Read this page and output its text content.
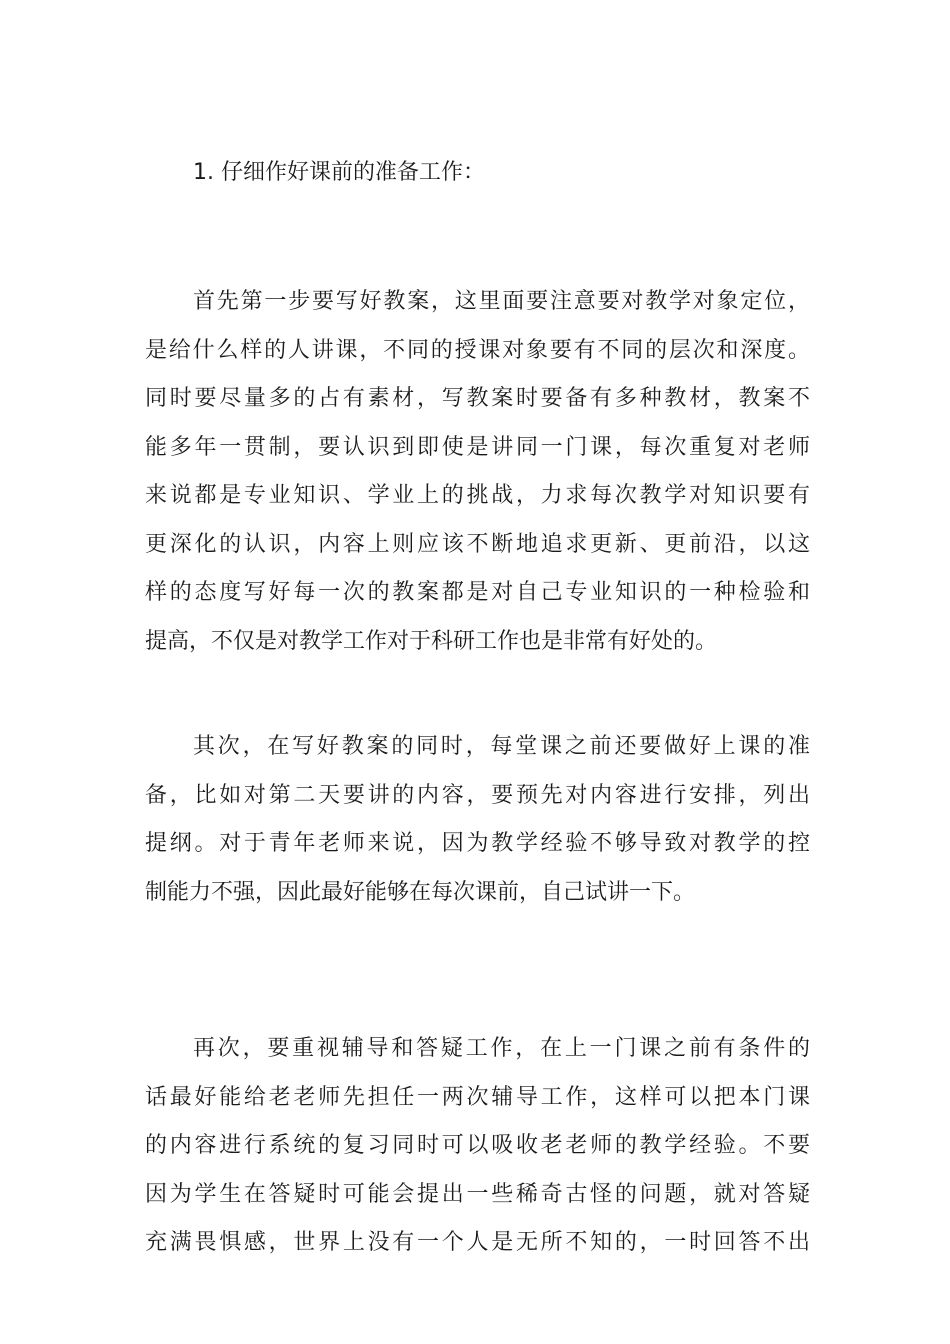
1. 仔细作好课前的准备工作：

首先第一步要写好教案，这里面要注意要对教学对象定位，
是给什么样的人讲课，不同的授课对象要有不同的层次和深度。
同时要尽量多的占有素材，写教案时要备有多种教材，教案不
能多年一贯制，要认识到即使是讲同一门课，每次重复对老师
来说都是专业知识、学业上的挑战，力求每次教学对知识要有
更深化的认识，内容上则应该不断地追求更新、更前沿，以这
样的态度写好每一次的教案都是对自己专业知识的一种检验和
提高，不仅是对教学工作对于科研工作也是非常有好处的。

其次，在写好教案的同时，每堂课之前还要做好上课的准
备，比如对第二天要讲的内容，要预先对内容进行安排，列出
提纲。对于青年老师来说，因为教学经验不够导致对教学的控
制能力不强，因此最好能够在每次课前，自己试讲一下。

再次，要重视辅导和答疑工作，在上一门课之前有条件的
话最好能给老老师先担任一两次辅导工作，这样可以把本门课
的内容进行系统的复习同时可以吸收老老师的教学经验。不要
因为学生在答疑时可能会提出一些稀奇古怪的问题，就对答疑
充满畏惧感，世界上没有一个人是无所不知的，一时回答不出
